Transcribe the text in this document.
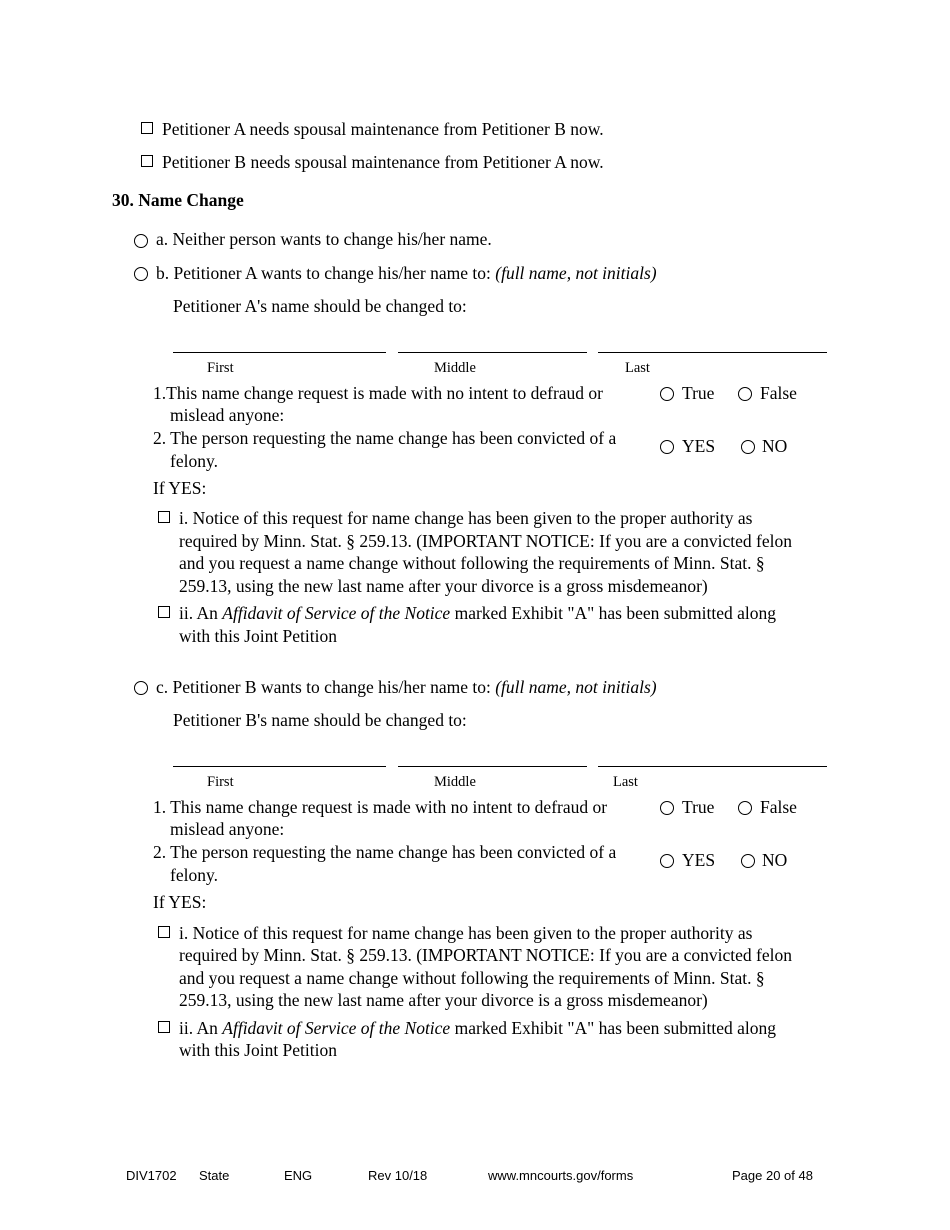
Petitioner A needs spousal maintenance from Petitioner B now.
Petitioner B needs spousal maintenance from Petitioner A now.
30. Name Change
a. Neither person wants to change his/her name.
b. Petitioner A wants to change his/her name to: (full name, not initials)
Petitioner A's name should be changed to:
First	Middle	Last
1.This name change request is made with no intent to defraud or
mislead anyone:
True	False
2. The person requesting the name change has been convicted of a
felony.
YES	NO
If YES:
i. Notice of this request for name change has been given to the proper authority as
required by Minn. Stat. § 259.13. (IMPORTANT NOTICE: If you are a convicted felon
and you request a name change without following the requirements of Minn. Stat. §
259.13, using the new last name after your divorce is a gross misdemeanor)
ii. An Affidavit of Service of the Notice marked Exhibit "A" has been submitted along
with this Joint Petition
c. Petitioner B wants to change his/her name to: (full name, not initials)
Petitioner B's name should be changed to:
First	Middle	Last
1. This name change request is made with no intent to defraud or
mislead anyone:
True	False
2. The person requesting the name change has been convicted of a
felony.
YES	NO
If YES:
i. Notice of this request for name change has been given to the proper authority as
required by Minn. Stat. § 259.13. (IMPORTANT NOTICE: If you are a convicted felon
and you request a name change without following the requirements of Minn. Stat. §
259.13, using the new last name after your divorce is a gross misdemeanor)
ii. An Affidavit of Service of the Notice marked Exhibit "A" has been submitted along
with this Joint Petition
DIV1702 State	ENG	Rev 10/18	www.mncourts.gov/forms	Page 20 of 48
